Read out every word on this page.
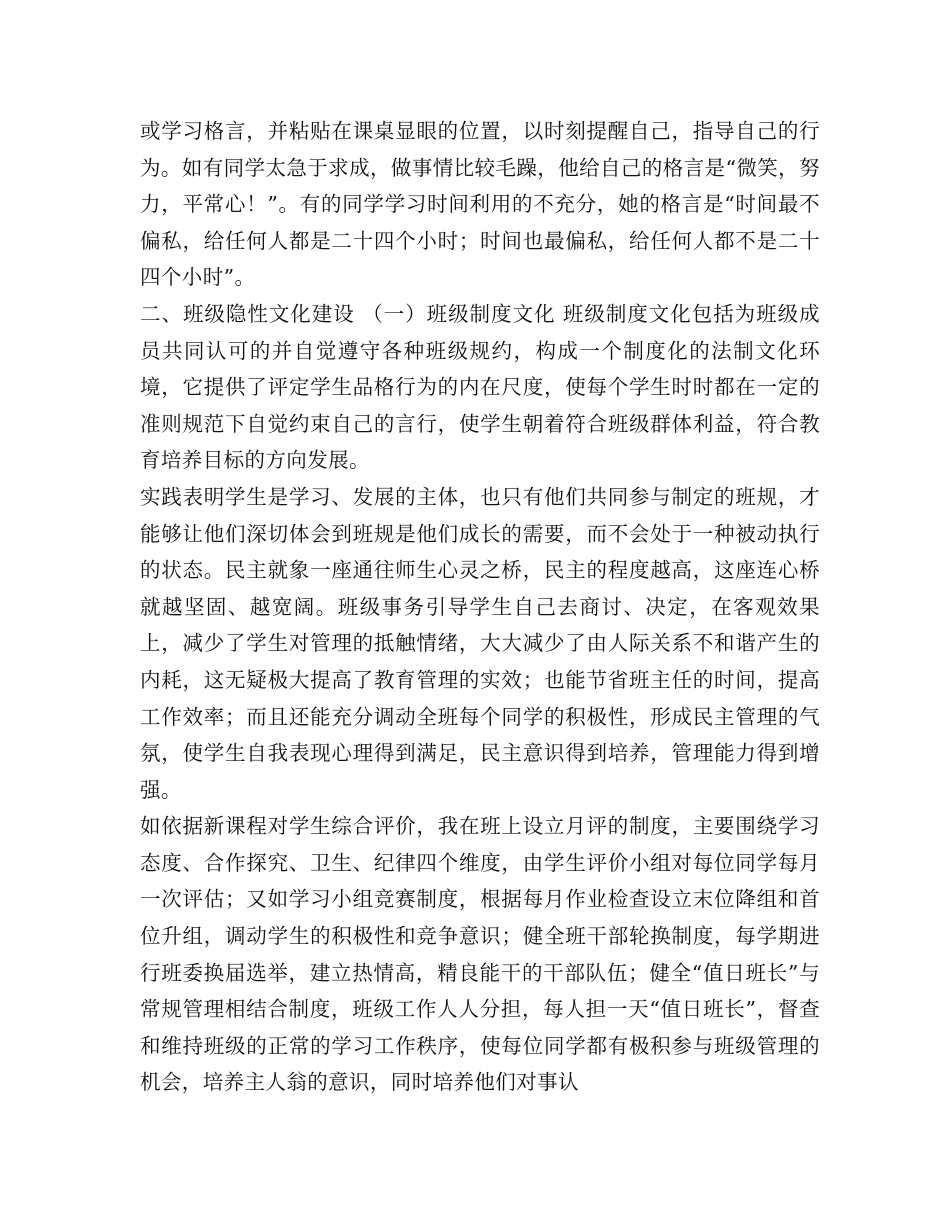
或学习格言，并粘贴在课桌显眼的位置，以时刻提醒自己，指导自己的行为。如有同学太急于求成，做事情比较毛躁，他给自己的格言是“微笑，努力，平常心！”。有的同学学习时间利用的不充分，她的格言是“时间最不偏私，给任何人都是二十四个小时；时间也最偏私，给任何人都不是二十四个小时”。

二、班级隐性文化建设 （一）班级制度文化 班级制度文化包括为班级成员共同认可的并自觉遵守各种班级规约，构成一个制度化的法制文化环境，它提供了评定学生品格行为的内在尺度，使每个学生时时都在一定的准则规范下自觉约束自己的言行，使学生朝着符合班级群体利益，符合教育培养目标的方向发展。

实践表明学生是学习、发展的主体，也只有他们共同参与制定的班规，才能够让他们深切体会到班规是他们成长的需要，而不会处于一种被动执行的状态。民主就象一座通往师生心灵之桥，民主的程度越高，这座连心桥就越坚固、越宽阔。班级事务引导学生自己去商讨、决定，在客观效果上，减少了学生对管理的抵触情绪，大大减少了由人际关系不和谐产生的内耗，这无疑极大提高了教育管理的实效；也能节省班主任的时间，提高工作效率；而且还能充分调动全班每个同学的积极性，形成民主管理的气氛，使学生自我表现心理得到满足，民主意识得到培养，管理能力得到增强。

如依据新课程对学生综合评价，我在班上设立月评的制度，主要围绕学习态度、合作探究、卫生、纪律四个维度，由学生评价小组对每位同学每月一次评估；又如学习小组竞赛制度，根据每月作业检查设立末位降组和首位升组，调动学生的积极性和竞争意识；健全班干部轮换制度，每学期进行班委换届选举，建立热情高，精良能干的干部队伍；健全“值日班长”与常规管理相结合制度，班级工作人人分担，每人担一天“值日班长”，督查和维持班级的正常的学习工作秩序，使每位同学都有极积参与班级管理的机会，培养主人翁的意识，同时培养他们对事认
